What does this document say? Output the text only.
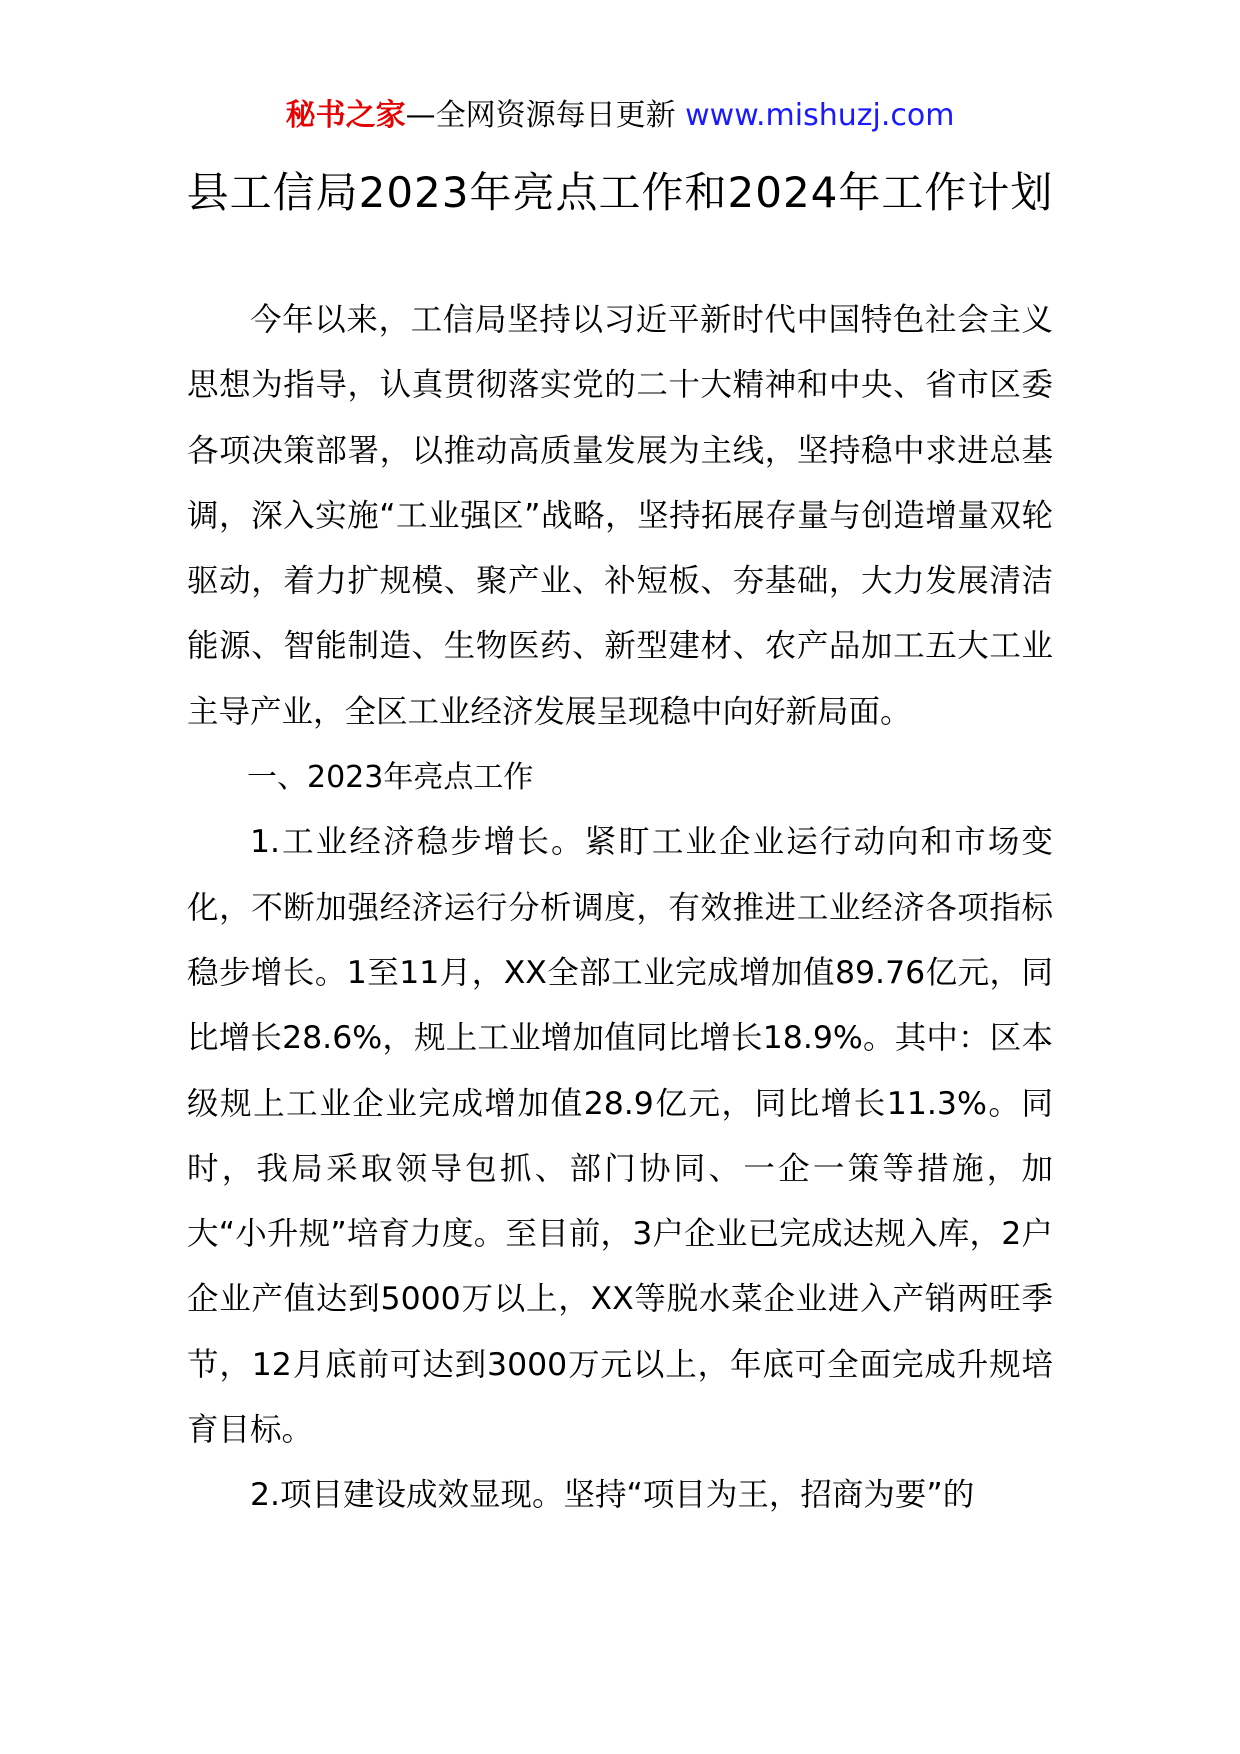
秘书之家—全网资源每日更新 www.mishuzj.com
县工信局2023年亮点工作和2024年工作计划

今年以来，工信局坚持以习近平新时代中国特色社会主义思想为指导，认真贯彻落实党的二十大精神和中央、省市区委各项决策部署，以推动高质量发展为主线，坚持稳中求进总基调，深入实施“工业强区”战略，坚持拓展存量与创造增量双轮驱动，着力扩规模、聚产业、补短板、夯基础，大力发展清洁能源、智能制造、生物医药、新型建材、农产品加工五大工业主导产业，全区工业经济发展呈现稳中向好新局面。

一、2023年亮点工作

1.工业经济稳步增长。紧盯工业企业运行动向和市场变化，不断加强经济运行分析调度，有效推进工业经济各项指标稳步增长。1至11月，XX全部工业完成增加值89.76亿元，同比增长28.6%，规上工业增加值同比增长18.9%。其中：区本级规上工业企业完成增加值28.9亿元，同比增长11.3%。同时，我局采取领导包抓、部门协同、一企一策等措施，加大“小升规”培育力度。至目前，3户企业已完成达规入库，2户企业产值达到5000万以上，XX等脱水菜企业进入产销两旺季节，12月底前可达到3000万元以上，年底可全面完成升规培育目标。

2.项目建设成效显现。坚持“项目为王，招商为要”的
